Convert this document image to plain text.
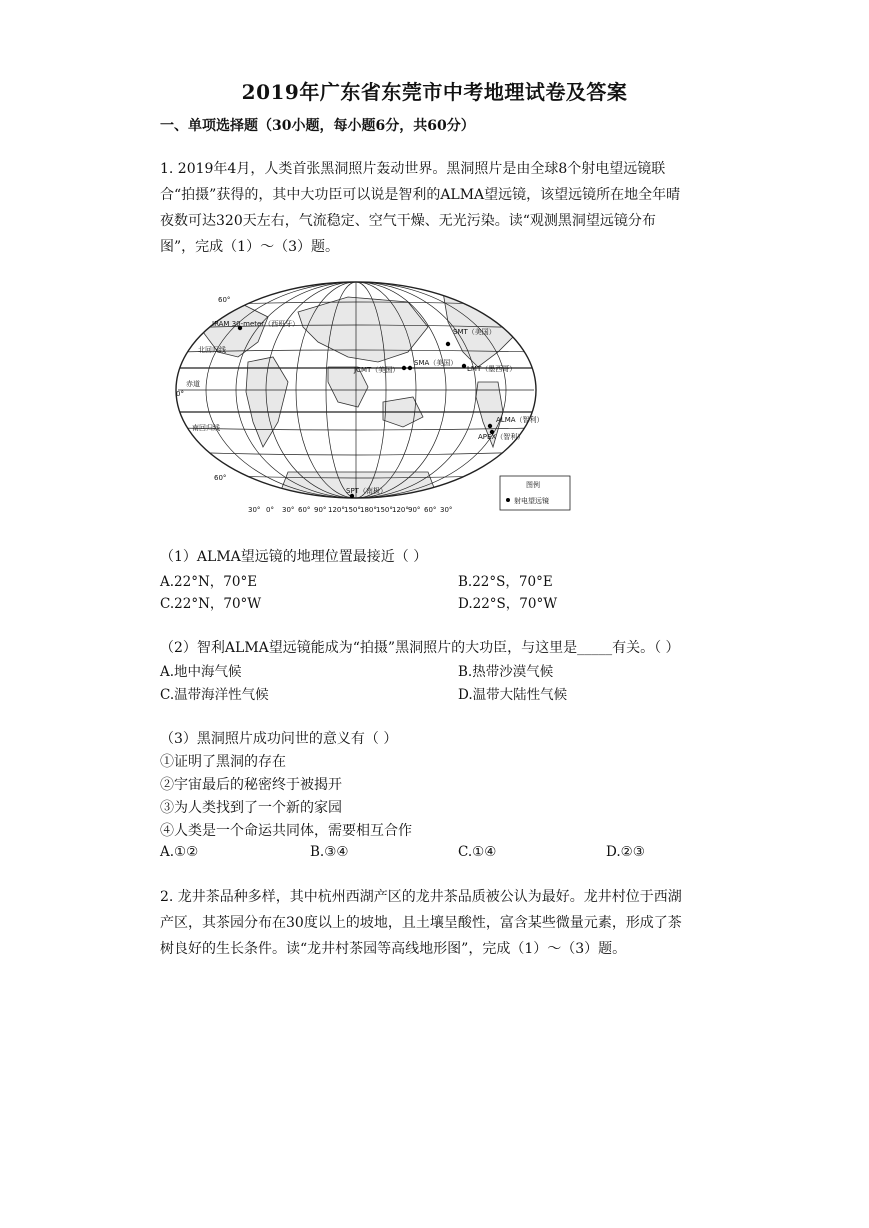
2019年广东省东莞市中考地理试卷及答案
一、单项选择题（30小题，每小题6分，共60分）
1. 2019年4月，人类首张黑洞照片轰动世界。黑洞照片是由全球8个射电望远镜联
合“拍摄”获得的，其中大功臣可以说是智利的ALMA望远镜，该望远镜所在地全年晴
夜数可达320天左右，气流稳定、空气干燥、无光污染。读“观测黑洞望远镜分布
图”，完成（1）～（3）题。
IRAM 30-meter（西班牙）
SMT（美国）
JCMT（美国）
SMA（美国）
LMT（墨西哥）
ALMA（智利）
APEX（智利）
SPT（南极）
60°
北回归线
赤道
0°
南回归线
60°
30° 0° 30° 60° 90° 120° 150° 180° 150° 120° 90° 60° 30°
图例
射电望远镜
（1）ALMA望远镜的地理位置最接近（ ）
A.22°N，70°E	B.22°S，70°E
C.22°N，70°W	D.22°S，70°W
（2）智利ALMA望远镜能成为“拍摄”黑洞照片的大功臣，与这里是_____有关。（ ）
A.地中海气候	B.热带沙漠气候
C.温带海洋性气候	D.温带大陆性气候
（3）黑洞照片成功问世的意义有（ ）
①证明了黑洞的存在
②宇宙最后的秘密终于被揭开
③为人类找到了一个新的家园
④人类是一个命运共同体，需要相互合作
A.①②	B.③④	C.①④	D.②③
2. 龙井茶品种多样，其中杭州西湖产区的龙井茶品质被公认为最好。龙井村位于西湖
产区，其茶园分布在30度以上的坡地，且土壤呈酸性，富含某些微量元素，形成了茶
树良好的生长条件。读“龙井村茶园等高线地形图”，完成（1）～（3）题。
